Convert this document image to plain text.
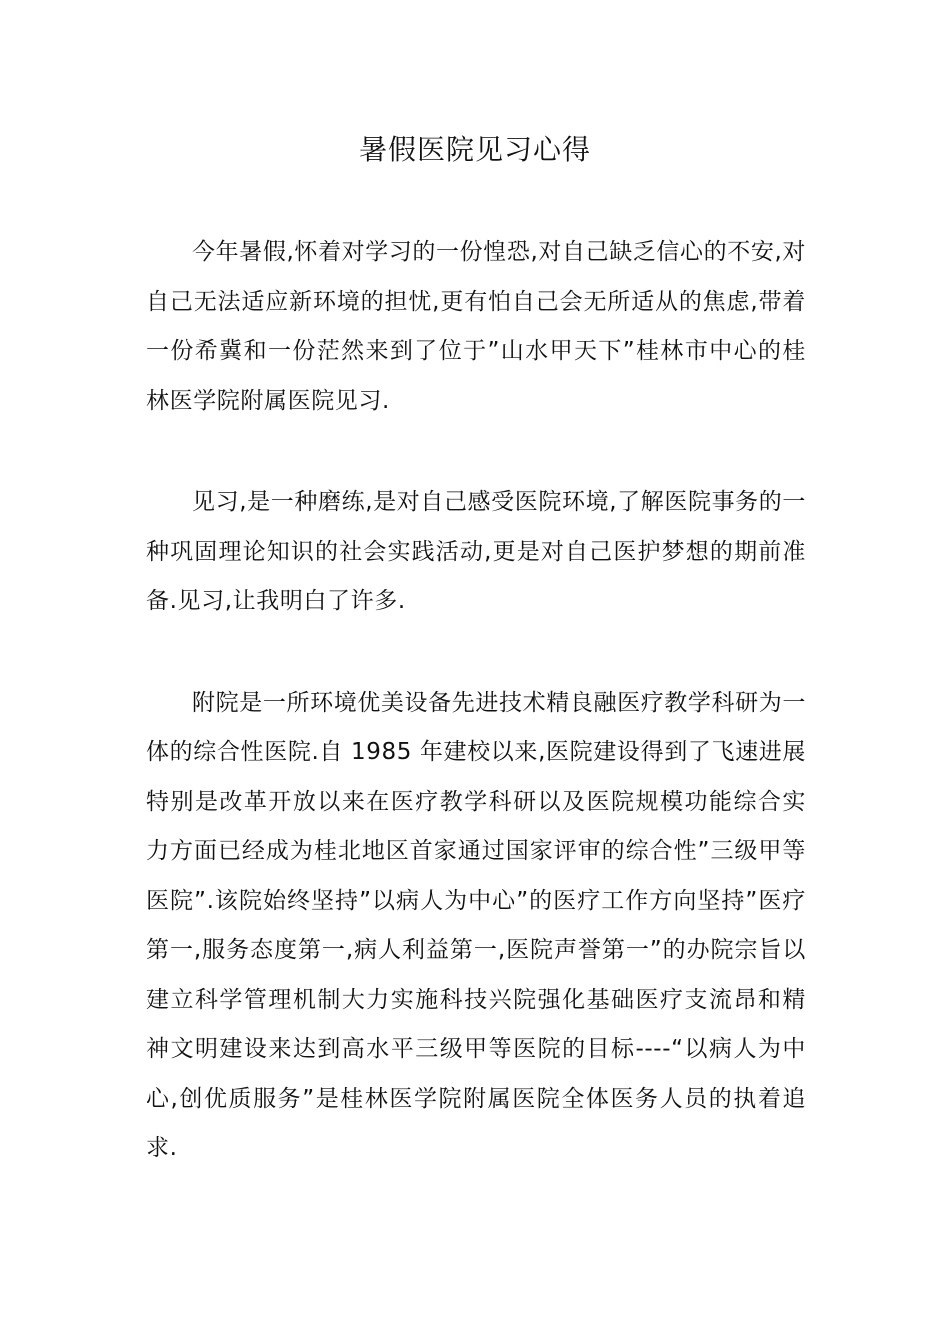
暑假医院见习心得

今年暑假,怀着对学习的一份惶恐,对自己缺乏信心的不安,对自己无法适应新环境的担忧,更有怕自己会无所适从的焦虑,带着一份希冀和一份茫然来到了位于”山水甲天下”桂林市中心的桂林医学院附属医院见习.

见习,是一种磨练,是对自己感受医院环境,了解医院事务的一种巩固理论知识的社会实践活动,更是对自己医护梦想的期前准备.见习,让我明白了许多.

附院是一所环境优美设备先进技术精良融医疗教学科研为一体的综合性医院.自 1985 年建校以来,医院建设得到了飞速进展特别是改革开放以来在医疗教学科研以及医院规模功能综合实力方面已经成为桂北地区首家通过国家评审的综合性”三级甲等医院”.该院始终坚持”以病人为中心”的医疗工作方向坚持”医疗第一,服务态度第一,病人利益第一,医院声誉第一”的办院宗旨以建立科学管理机制大力实施科技兴院强化基础医疗支流昂和精神文明建设来达到高水平三级甲等医院的目标----“以病人为中心,创优质服务”是桂林医学院附属医院全体医务人员的执着追求.
